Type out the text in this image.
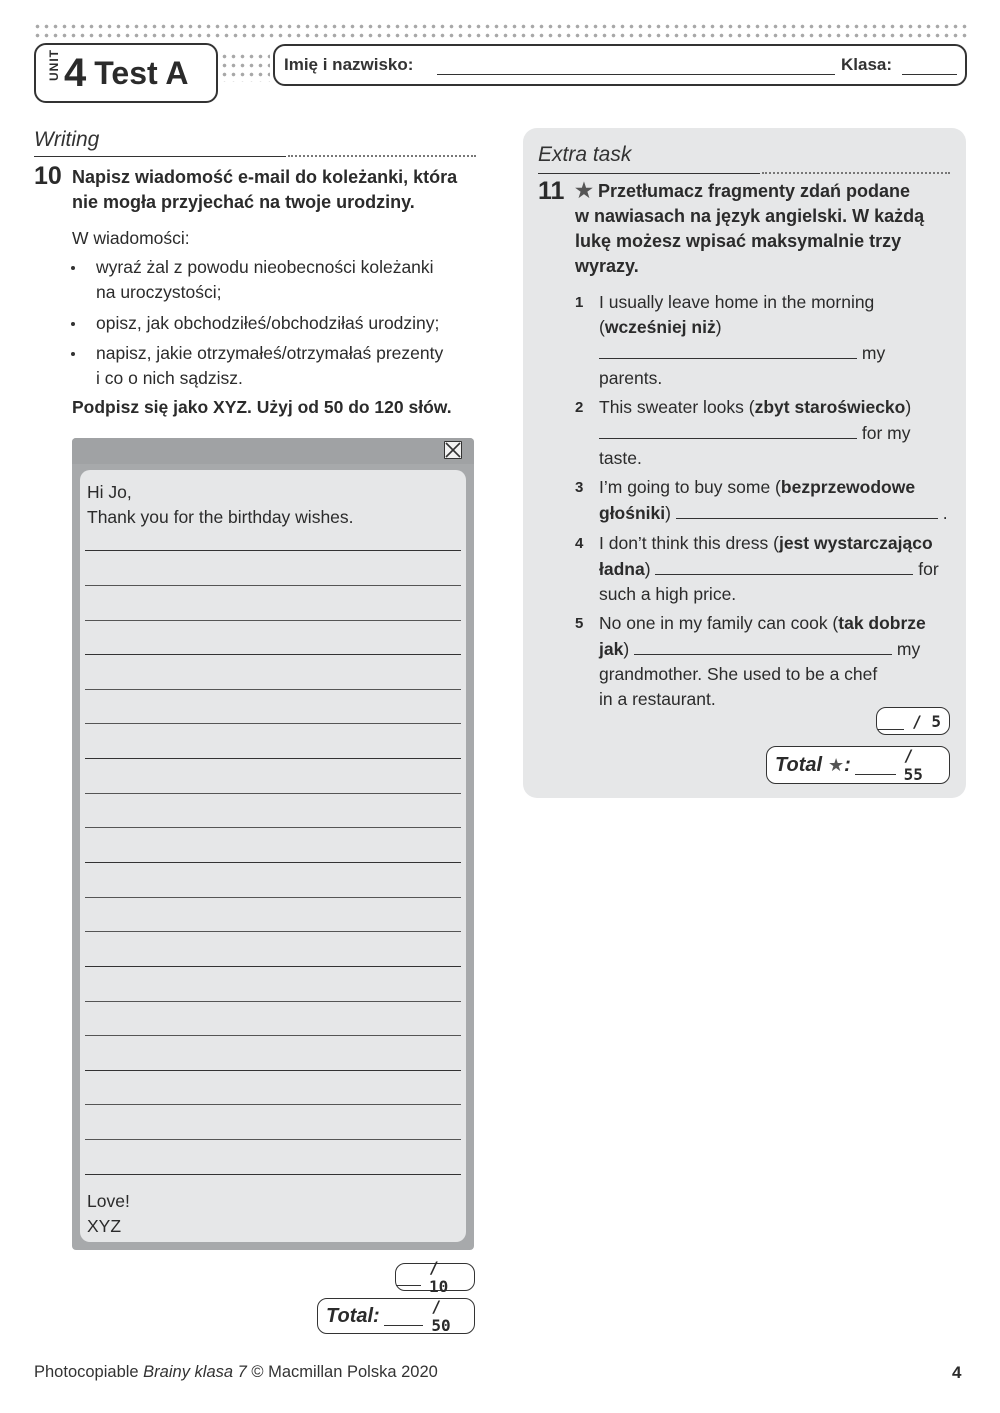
UNIT 4 Test A	Imię i nazwisko:	Klasa:
Writing
10 Napisz wiadomość e-mail do koleżanki, która
nie mogła przyjechać na twoje urodziny.
W wiadomości:
wyraź żal z powodu nieobecności koleżanki
na uroczystości;
opisz, jak obchodziłeś/obchodziłaś urodziny;
napisz, jakie otrzymałeś/otrzymałaś prezenty
i co o nich sądzisz.
Podpisz się jako XYZ. Użyj od 50 do 120 słów.
Hi Jo,
Thank you for the birthday wishes.
Love!
XYZ
/ 10
Total:	/ 50
Extra task
11 ★ Przetłumacz fragmenty zdań podane
w nawiasach na język angielski. W każdą
lukę możesz wpisać maksymalnie trzy
wyrazy.
1 I usually leave home in the morning
(wcześniej niż)
my
parents.
2 This sweater looks (zbyt staroświecko)
for my
taste.
3 I’m going to buy some (bezprzewodowe
głośniki)	.
4 I don’t think this dress (jest wystarczająco
ładna)	for
such a high price.
5 No one in my family can cook (tak dobrze
jak)	my
grandmother. She used to be a chef
in a restaurant.
/ 5
Total ★ :	/ 55
Photocopiable Brainy klasa 7 © Macmillan Polska 2020	4
